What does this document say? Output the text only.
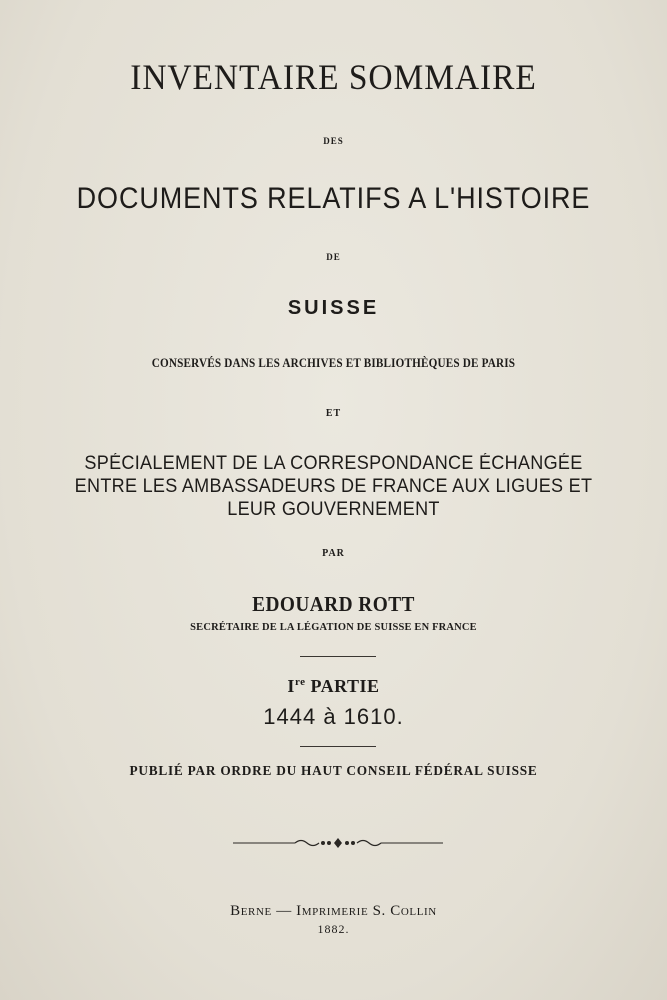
INVENTAIRE SOMMAIRE
DES
DOCUMENTS RELATIFS A L'HISTOIRE
DE
SUISSE
CONSERVÉS DANS LES ARCHIVES ET BIBLIOTHÈQUES DE PARIS
ET
SPÉCIALEMENT DE LA CORRESPONDANCE ÉCHANGÉE
ENTRE LES AMBASSADEURS DE FRANCE AUX LIGUES ET
LEUR GOUVERNEMENT
PAR
EDOUARD ROTT
SECRÉTAIRE DE LA LÉGATION DE SUISSE EN FRANCE
Ire PARTIE
1444 à 1610.
PUBLIÉ PAR ORDRE DU HAUT CONSEIL FÉDÉRAL SUISSE
Berne — Imprimerie S. Collin
1882.
